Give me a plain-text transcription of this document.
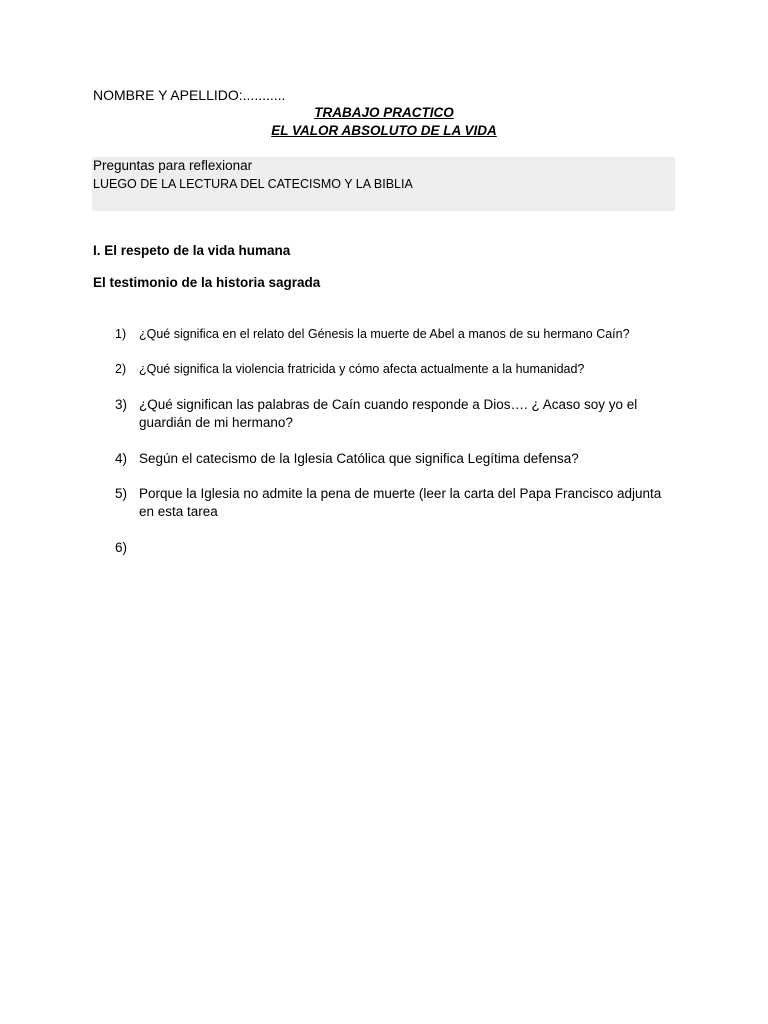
NOMBRE Y APELLIDO:...........
TRABAJO PRACTICO
EL VALOR ABSOLUTO DE LA VIDA
Preguntas para reflexionar
LUEGO DE LA LECTURA DEL CATECISMO Y LA BIBLIA
I. El respeto de la vida humana
El testimonio de la historia sagrada
1) ¿Qué significa en el relato del Génesis la muerte de Abel a manos de su hermano Caín?
2) ¿Qué significa la violencia fratricida y cómo afecta actualmente a la humanidad?
3) ¿Qué significan las palabras de Caín cuando responde a Dios…. ¿ Acaso soy yo el guardián de mi hermano?
4) Según el catecismo de la Iglesia Católica que significa Legítima defensa?
5) Porque la Iglesia no admite la pena de muerte (leer la carta del Papa Francisco adjunta en esta tarea
6)
